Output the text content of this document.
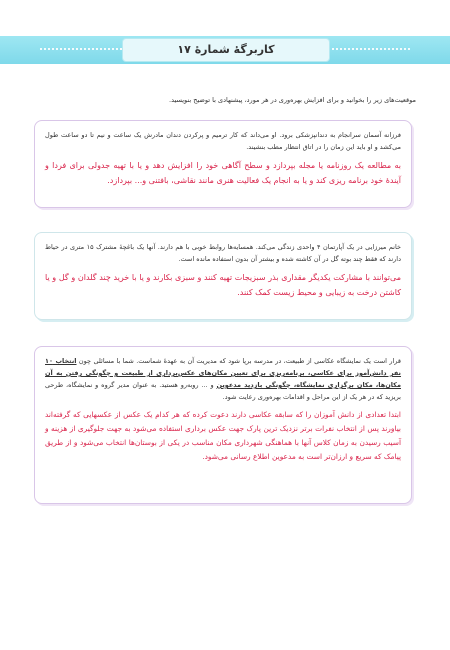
کاربرگۀ شمارۀ ۱۷
موقعیت‌های زیر را بخوانید و برای افزایش بهره‌وری در هر مورد، پیشنهادی با توضیح بنویسید.

فرزانه آسمان سرانجام به دندانپزشکی برود. او می‌داند که کار ترمیم و پرکردن دندان مادرش یک ساعت و نیم تا دو ساعت طول می‌کشد و او باید این زمان را در اتاق انتظار مطب بنشیند.

به مطالعه یک روزنامه یا مجله بپردازد و سطح آگاهی خود را افزایش دهد و یا با تهیه جدولی برای فردا و آیندۀ خود برنامه ریزی کند و یا به انجام یک فعالیت هنری مانند نقاشی، بافتنی و... بپردازد.

خانم میرزایی در یک آپارتمان ۴ واحدی زندگی می‌کند. همسایه‌ها روابط خوبی با هم دارند. آنها یک باغچۀ مشترک ۱۵ متری در حیاط دارند که فقط چند بوته گل در آن کاشته شده و بیشتر آن بدون استفاده مانده است.

می‌توانند با مشارکت یکدیگر مقداری بذر سبزیجات تهیه کنند و سبزی بکارند و یا با خرید چند گلدان و گل و یا کاشتن درخت به زیبایی و محیط زیست کمک کنند.

قرار است یک نمایشگاه عکاسی از طبیعت، در مدرسه برپا شود که مدیریت آن به عهدۀ شماست. شما با مسائلی چون انتخاب ۱۰ نفر دانش‌آموز برای عکاسی، برنامه‌ریزی برای تعیین مکان‌های عکس‌برداری از طبیعت و چگونگی رفتن به آن مکان‌ها، مکان برگزاری نمایشگاه، چگونگی بازدید مدعوین و ... روبه‌رو هستید. به عنوان مدیر گروه و نمایشگاه، طرحی بریزید که در هر یک از این مراحل و اقدامات بهره‌وری رعایت شود.

ابتدا تعدادی از دانش آموزان را که سابقه عکاسی دارند دعوت کرده که هر کدام یک عکس از عکسهایی که گرفته‌اند بیاورند پس از انتخاب نفرات برتر نزدیک ترین پارک جهت عکس برداری استفاده می‌شود به جهت جلوگیری از هزینه و آسیب رسیدن به زمان کلاس آنها با هماهنگی شهرداری مکان مناسب در یکی از بوستان‌ها انتخاب می‌شود و از طریق پیامک که سریع و ارزان‌تر است به مدعوین اطلاع رسانی می‌شود.
